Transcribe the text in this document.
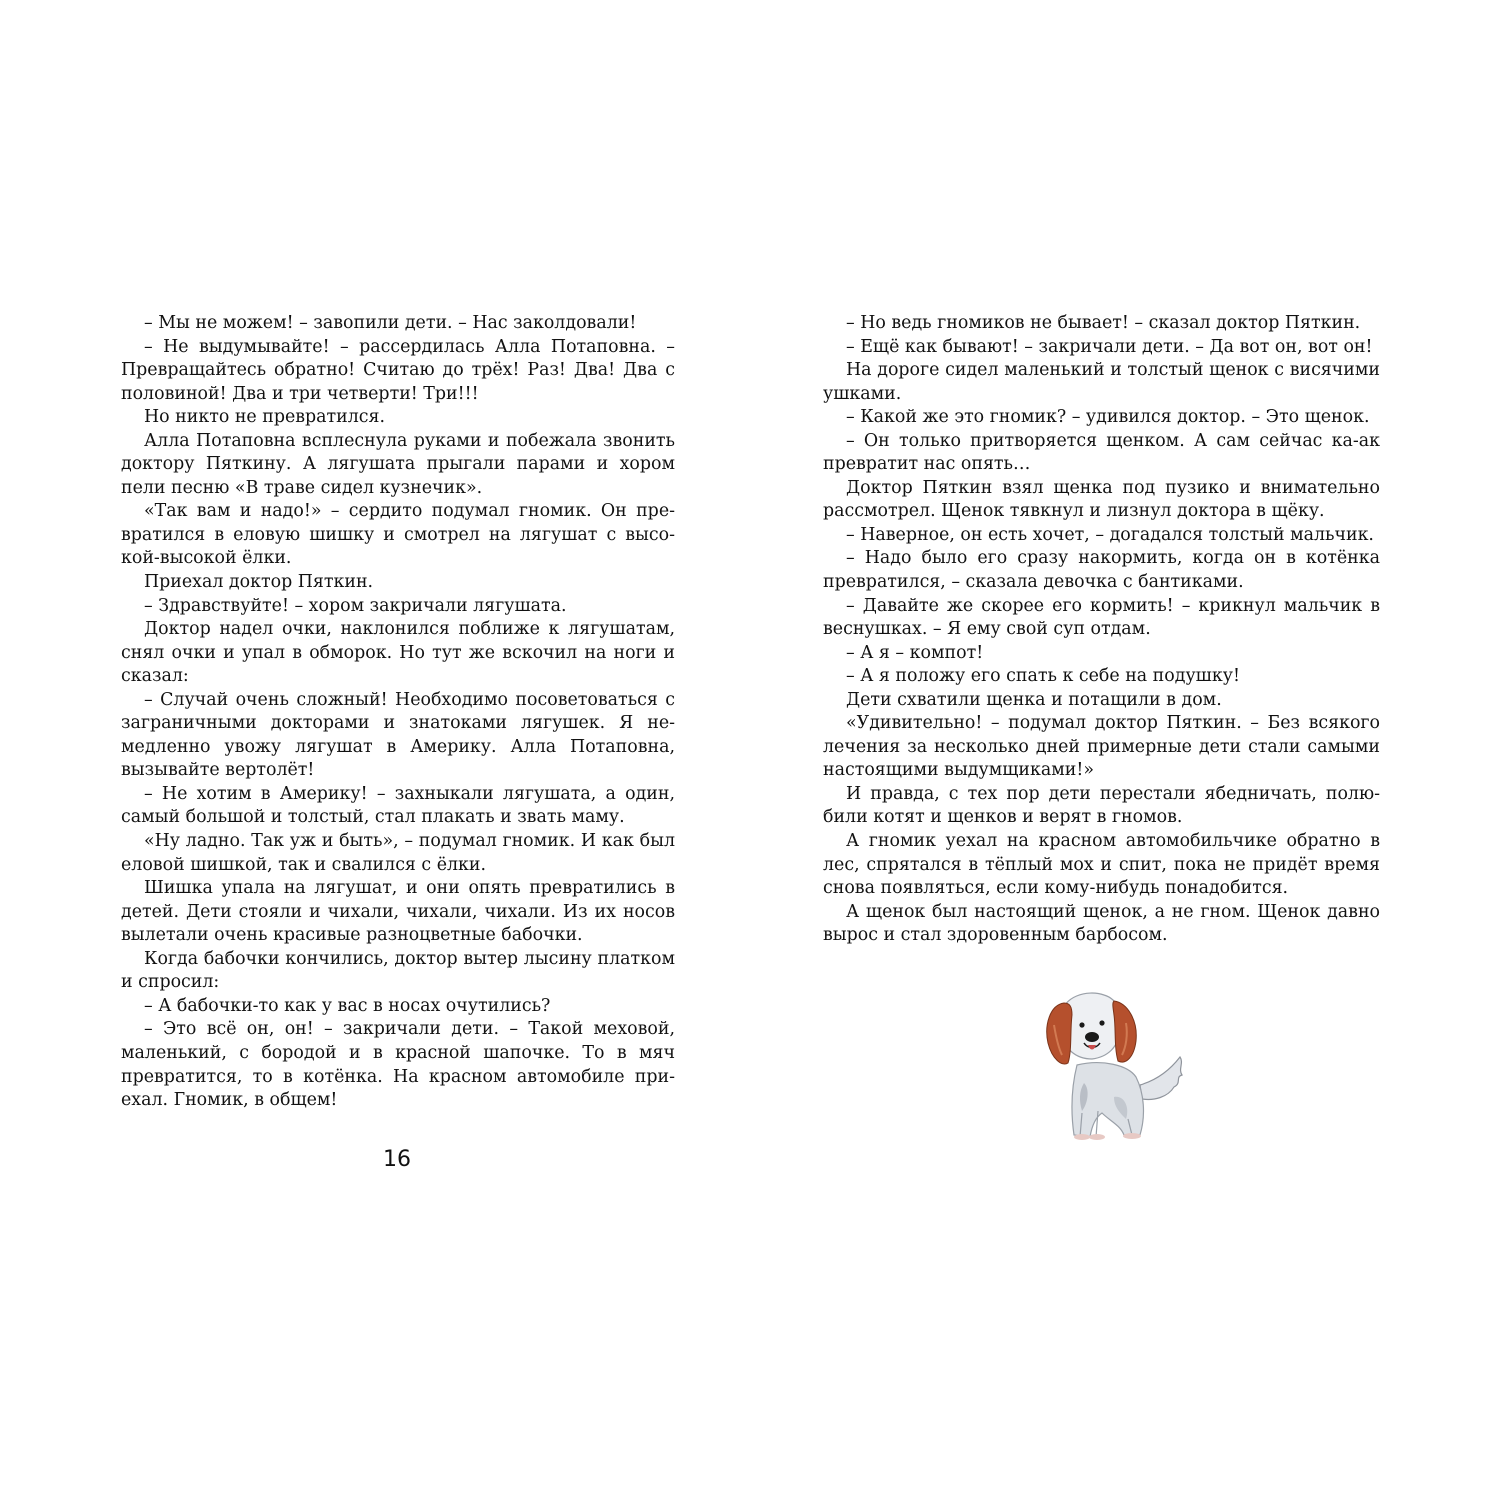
– Мы не можем! – завопили дети. – Нас заколдовали!

– Не выдумывайте! – рассердилась Алла Потаповна. – Превращайтесь обратно! Считаю до трёх! Раз! Два! Два с половиной! Два и три четверти! Три!!!

Но никто не превратился.

Алла Потаповна всплеснула руками и побежала звонить доктору Пяткину. А лягушата прыгали парами и хором пели песню «В траве сидел кузнечик».

«Так вам и надо!» – сердито подумал гномик. Он превратился в еловую шишку и смотрел на лягушат с высокой-высокой ёлки.

Приехал доктор Пяткин.

– Здравствуйте! – хором закричали лягушата.

Доктор надел очки, наклонился поближе к лягушатам, снял очки и упал в обморок. Но тут же вскочил на ноги и сказал:

– Случай очень сложный! Необходимо посоветоваться с заграничными докторами и знатоками лягушек. Я немедленно увожу лягушат в Америку. Алла Потаповна, вызывайте вертолёт!

– Не хотим в Америку! – захныкали лягушата, а один, самый большой и толстый, стал плакать и звать маму.

«Ну ладно. Так уж и быть», – подумал гномик. И как был еловой шишкой, так и свалился с ёлки.

Шишка упала на лягушат, и они опять превратились в детей. Дети стояли и чихали, чихали, чихали. Из их носов вылетали очень красивые разноцветные бабочки.

Когда бабочки кончились, доктор вытер лысину платком и спросил:

– А бабочки-то как у вас в носах очутились?

– Это всё он, он! – закричали дети. – Такой меховой, маленький, с бородой и в красной шапочке. То в мяч превратится, то в котёнка. На красном автомобиле приехал. Гномик, в общем!

16

– Но ведь гномиков не бывает! – сказал доктор Пяткин.

– Ещё как бывают! – закричали дети. – Да вот он, вот он!

На дороге сидел маленький и толстый щенок с висячими ушками.

– Какой же это гномик? – удивился доктор. – Это щенок.

– Он только притворяется щенком. А сам сейчас ка-ак превратит нас опять…

Доктор Пяткин взял щенка под пузико и внимательно рассмотрел. Щенок тявкнул и лизнул доктора в щёку.

– Наверное, он есть хочет, – догадался толстый мальчик.

– Надо было его сразу накормить, когда он в котёнка превратился, – сказала девочка с бантиками.

– Давайте же скорее его кормить! – крикнул мальчик в веснушках. – Я ему свой суп отдам.

– А я – компот!

– А я положу его спать к себе на подушку!

Дети схватили щенка и потащили в дом.

«Удивительно! – подумал доктор Пяткин. – Без всякого лечения за несколько дней примерные дети стали самыми настоящими выдумщиками!»

И правда, с тех пор дети перестали ябедничать, полюбили котят и щенков и верят в гномов.

А гномик уехал на красном автомобильчике обратно в лес, спрятался в тёплый мох и спит, пока не придёт время снова появляться, если кому-нибудь понадобится.

А щенок был настоящий щенок, а не гном. Щенок давно вырос и стал здоровенным барбосом.
